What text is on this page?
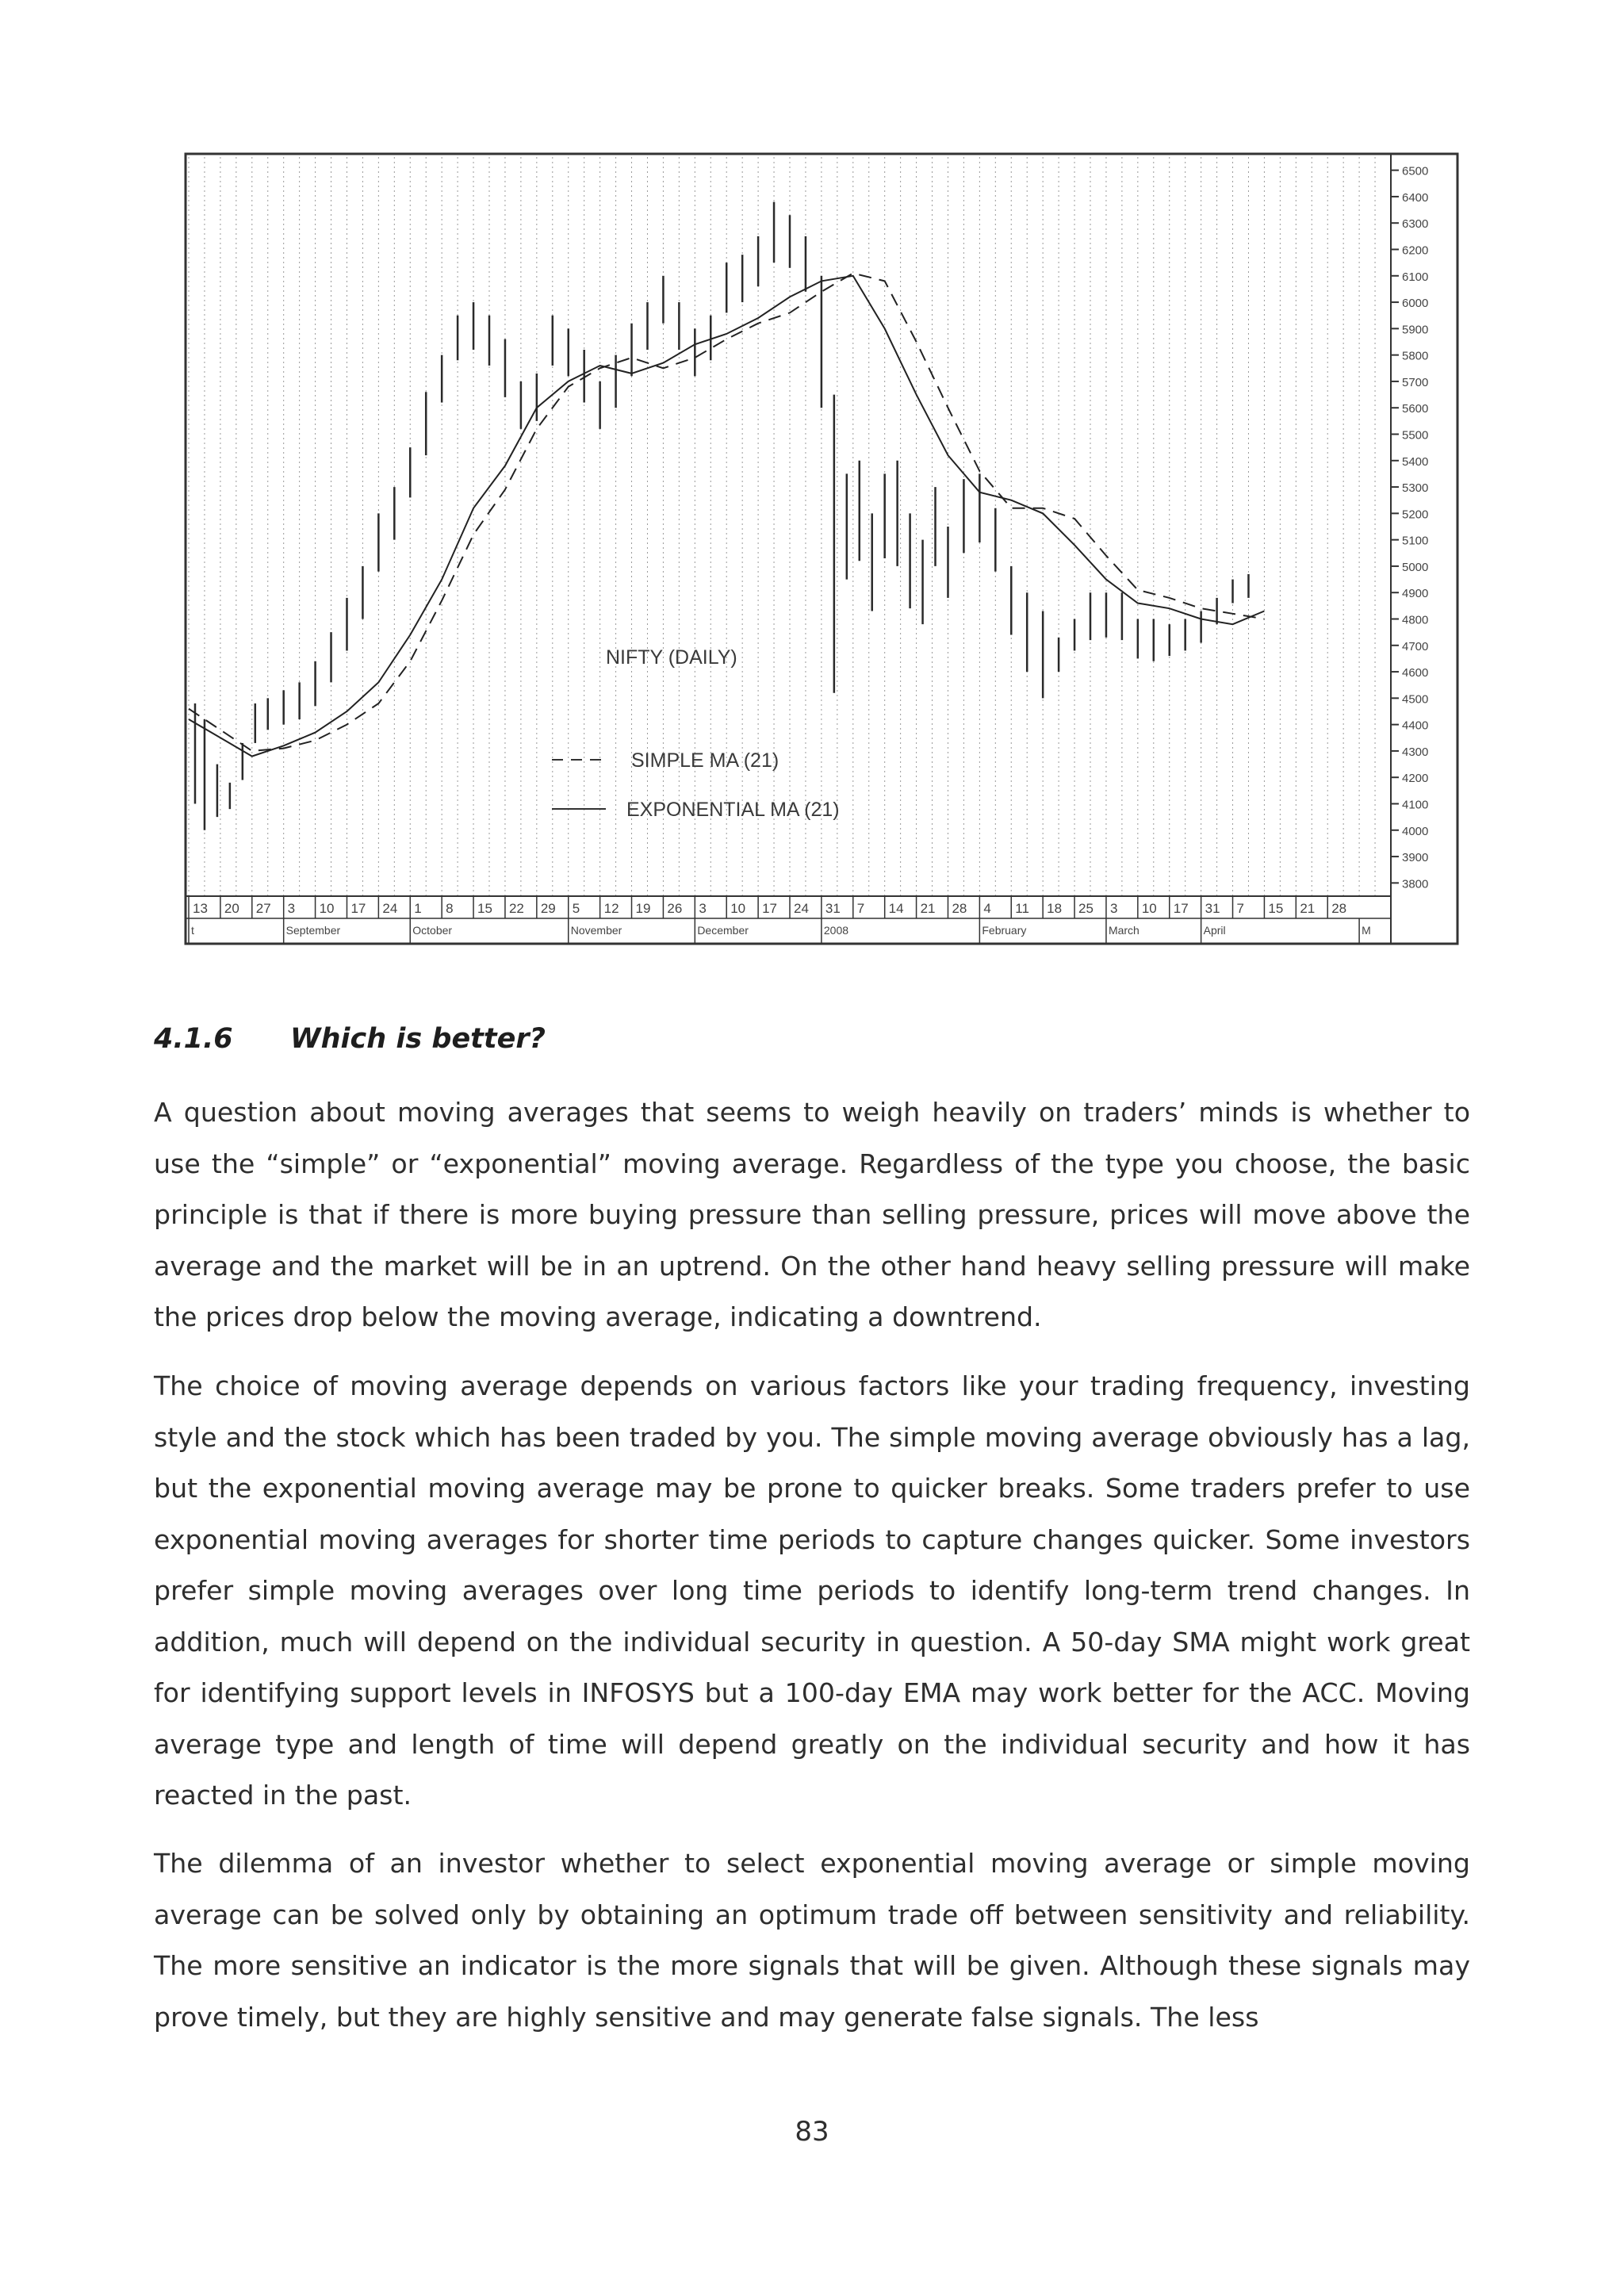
3800
3900
4000
4100
4200
4300
4400
4500
4600
4700
4800
4900
5000
5100
5200
5300
5400
5500
5600
5700
5800
5900
6000
6100
6200
6300
6400
6500
13 20 27 3 10 17 24 1 8 15 22 29 5 12 19 26 3 10 17 24 31 7 14 21 28 4 11 18 25 3 10 17 31 7 15 21 28
t	September	October	November	December	2008	February	March	April	M
NIFTY (DAILY)
SIMPLE MA (21)
EXPONENTIAL MA (21)
4.1.6 Which is better?

A question about moving averages that seems to weigh heavily on traders’ minds is whether to use the “simple” or “exponential” moving average. Regardless of the type you choose, the basic principle is that if there is more buying pressure than selling pressure, prices will move above the average and the market will be in an uptrend. On the other hand heavy selling pressure will make the prices drop below the moving average, indicating a downtrend.

The choice of moving average depends on various factors like your trading frequency, investing style and the stock which has been traded by you. The simple moving average obviously has a lag, but the exponential moving average may be prone to quicker breaks. Some traders prefer to use exponential moving averages for shorter time periods to capture changes quicker. Some investors prefer simple moving averages over long time periods to identify long-term trend changes. In addition, much will depend on the individual security in question. A 50-day SMA might work great for identifying support levels in INFOSYS but a 100-day EMA may work better for the ACC. Moving average type and length of time will depend greatly on the individual security and how it has reacted in the past.

The dilemma of an investor whether to select exponential moving average or simple moving average can be solved only by obtaining an optimum trade off between sensitivity and reliability. The more sensitive an indicator is the more signals that will be given. Although these signals may prove timely, but they are highly sensitive and may generate false signals. The less

83
